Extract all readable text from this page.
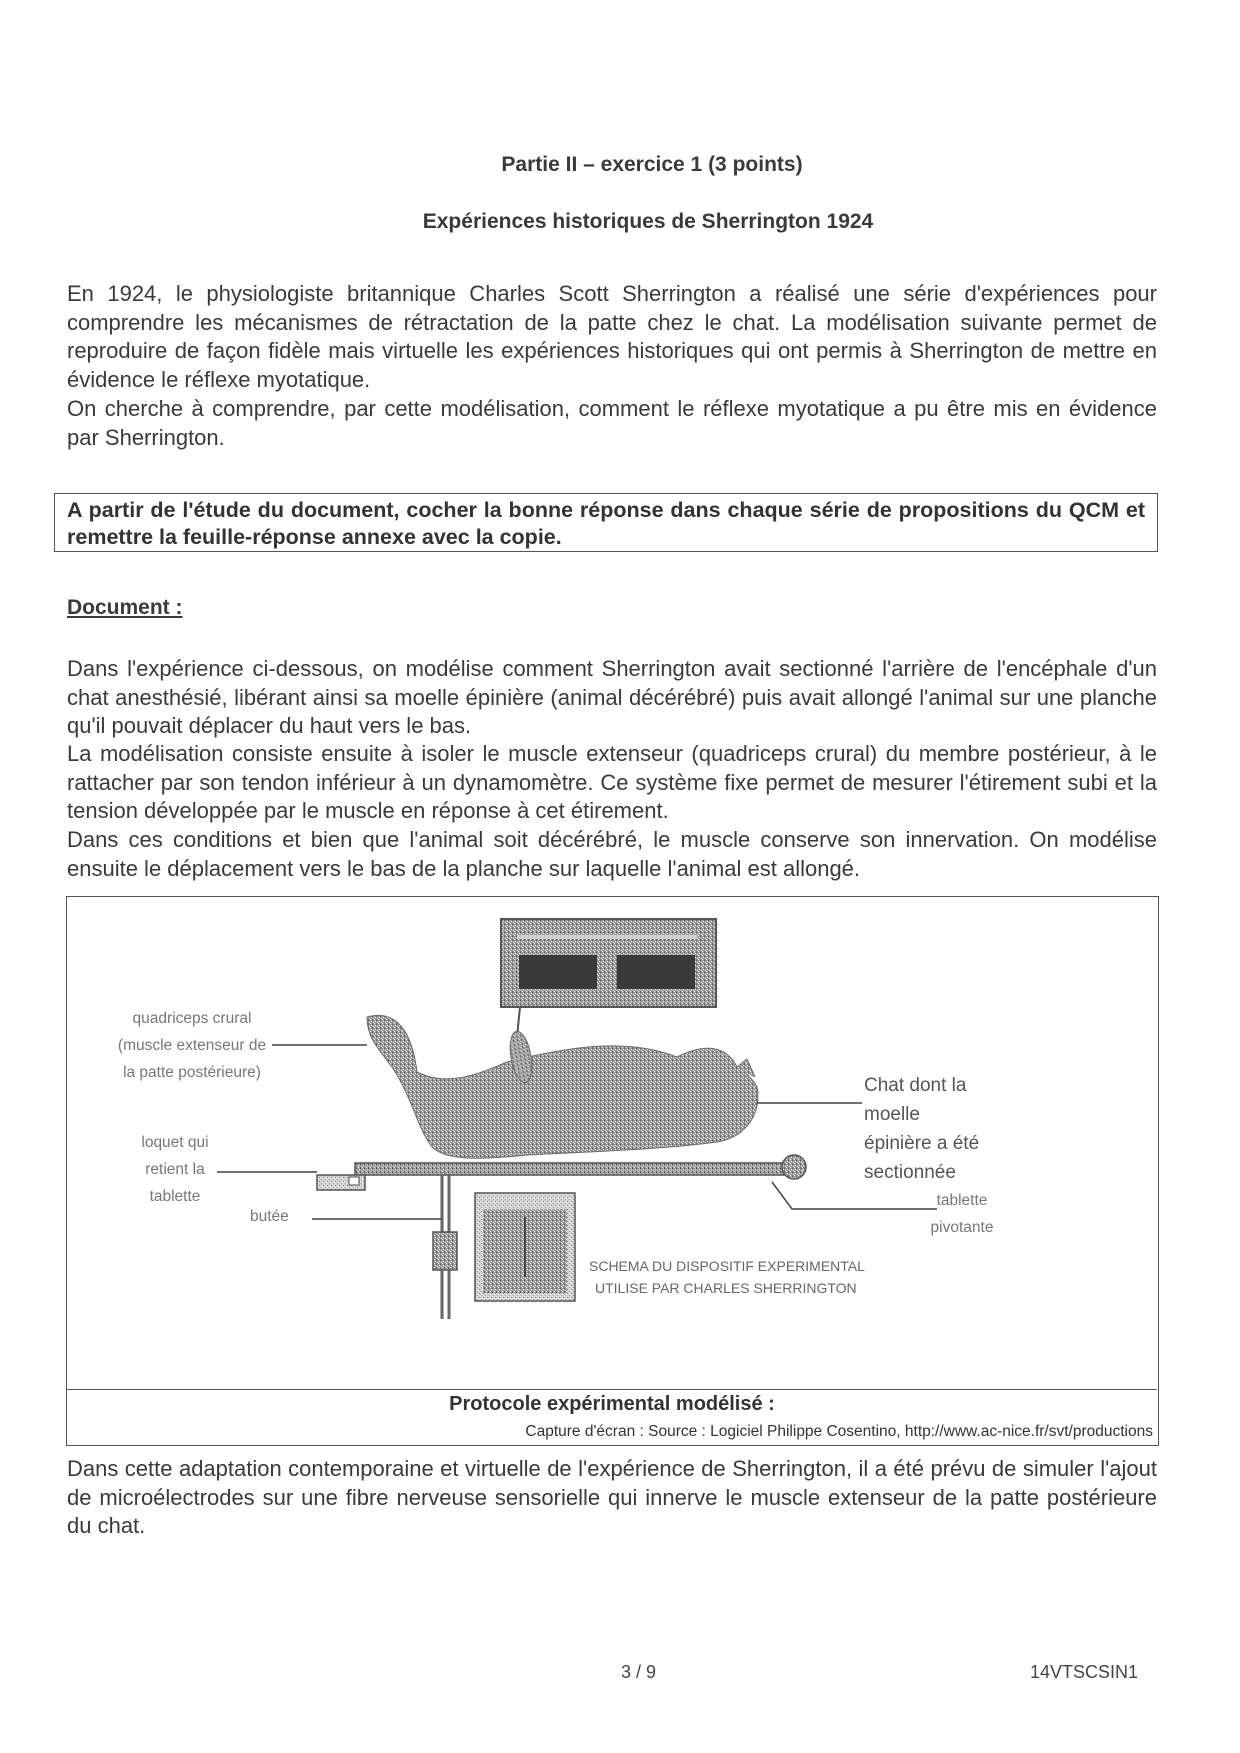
Partie II – exercice 1 (3 points)
Expériences historiques de Sherrington 1924
En 1924, le physiologiste britannique Charles Scott Sherrington a réalisé une série d'expériences pour comprendre les mécanismes de rétractation de la patte chez le chat. La modélisation suivante permet de reproduire de façon fidèle mais virtuelle les expériences historiques qui ont permis à Sherrington de mettre en évidence le réflexe myotatique.
On cherche à comprendre, par cette modélisation, comment le réflexe myotatique a pu être mis en évidence par Sherrington.
A partir de l'étude du document, cocher la bonne réponse dans chaque série de propositions du QCM et remettre la feuille-réponse annexe avec la copie.
Document :
Dans l'expérience ci-dessous, on modélise comment Sherrington avait sectionné l'arrière de l'encéphale d'un chat anesthésié, libérant ainsi sa moelle épinière (animal décérébré) puis avait allongé l'animal sur une planche qu'il pouvait déplacer du haut vers le bas.
La modélisation consiste ensuite à isoler le muscle extenseur (quadriceps crural) du membre postérieur, à le rattacher par son tendon inférieur à un dynamomètre. Ce système fixe permet de mesurer l'étirement subi et la tension développée par le muscle en réponse à cet étirement.
Dans ces conditions et bien que l'animal soit décérébré, le muscle conserve son innervation. On modélise ensuite le déplacement vers le bas de la planche sur laquelle l'animal est allongé.
quadriceps crural
(muscle extenseur de
la patte postérieure)
loquet qui
retient la
tablette
butée
Chat dont la
moelle
épinière a été
sectionnée
tablette
pivotante
SCHEMA DU DISPOSITIF EXPERIMENTAL
UTILISE PAR CHARLES SHERRINGTON
Protocole expérimental modélisé :
Capture d'écran : Source : Logiciel Philippe Cosentino, http://www.ac-nice.fr/svt/productions
Dans cette adaptation contemporaine et virtuelle de l'expérience de Sherrington, il a été prévu de simuler l'ajout de microélectrodes sur une fibre nerveuse sensorielle qui innerve le muscle extenseur de la patte postérieure du chat.
3 / 9	14VTSCSIN1
